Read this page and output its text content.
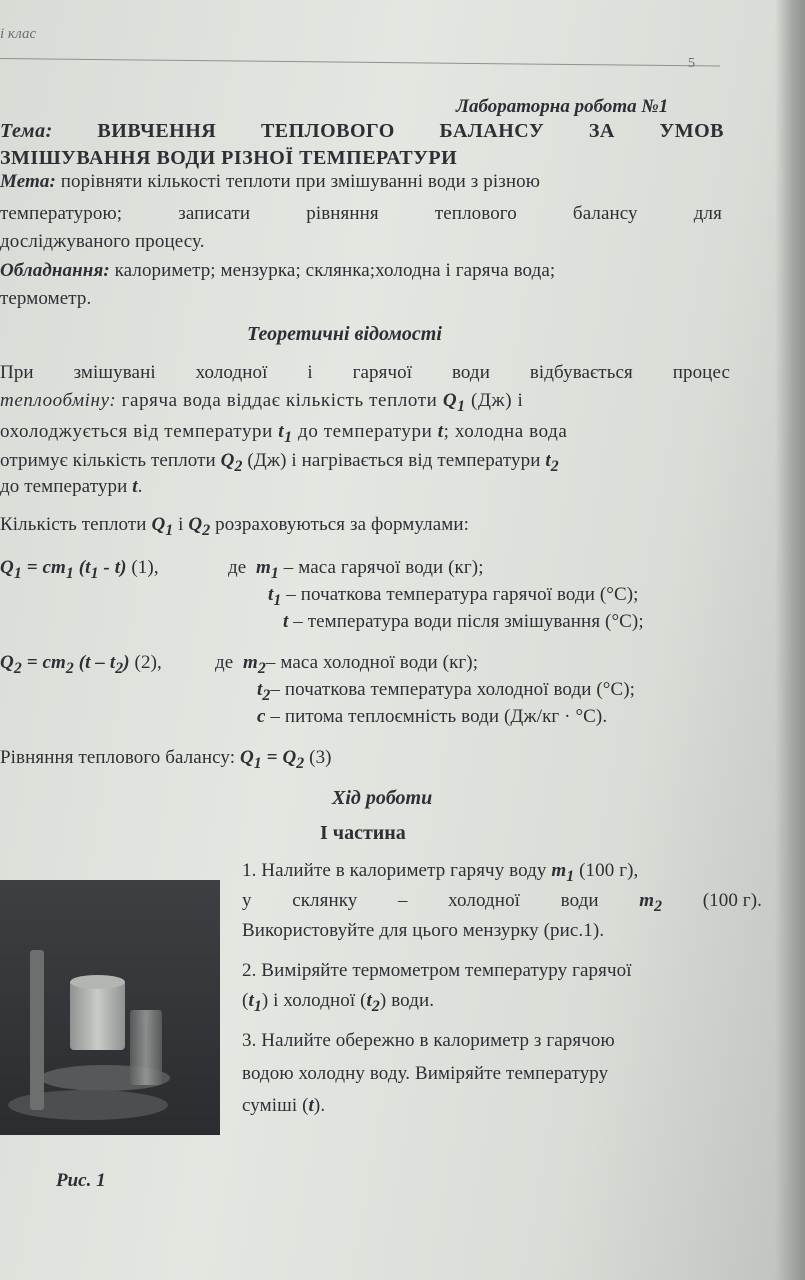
і клас
5
Лабораторна робота №1
Тема: ВИВЧЕННЯ ТЕПЛОВОГО БАЛАНСУ ЗА УМОВ
ЗМІШУВАННЯ ВОДИ РІЗНОЇ ТЕМПЕРАТУРИ
Мета: порівняти кількості теплоти при змішуванні води з різною
температурою;	записати	рівняння	теплового	балансу	для
досліджуваного процесу.
Обладнання: калориметр; мензурка; склянка;холодна і гаряча вода;
термометр.
Теоретичні відомості
При змішувані холодної і гарячої води відбувається процес
теплообміну: гаряча вода віддає кількість теплоти $Q_1$ (Дж) і
охолоджується від температури $t_1$ до температури t; холодна вода
отримує кількість теплоти $Q_2$ (Дж) і нагрівається від температури $t_2$
до температури t.
Кількість теплоти $Q_1$ і $Q_2$ розраховуються за формулами:
$Q_1 = cm_1$ $(t_1 - t)$ (1),	де $m_1$ – маса гарячої води (кг);
$t_1$ – початкова температура гарячої води (°С);
t – температура води після змішування (°С);
$Q_2 = cm_2$ $(t - t_2)$ (2),	де $m_2-$ маса холодної води (кг);
$t_2-$ початкова температура холодної води (°С);
c – питома теплоємність води (Дж/кг · °С).
Рівняння теплового балансу: $Q_1 = Q_2$ (3)
Хід роботи
І частина
1. Налийте в калориметр гарячу воду $m_1$ (100 г),
у склянку – холодної води $m_2$ (100 г).
Використовуйте для цього мензурку (рис.1).
2. Виміряйте термометром температуру гарячої
$(t_1)$ і холодної $(t_2)$ води.
3. Налийте обережно в калориметр з гарячою
водою холодну воду. Виміряйте температуру
суміші (t).
Рис. 1
